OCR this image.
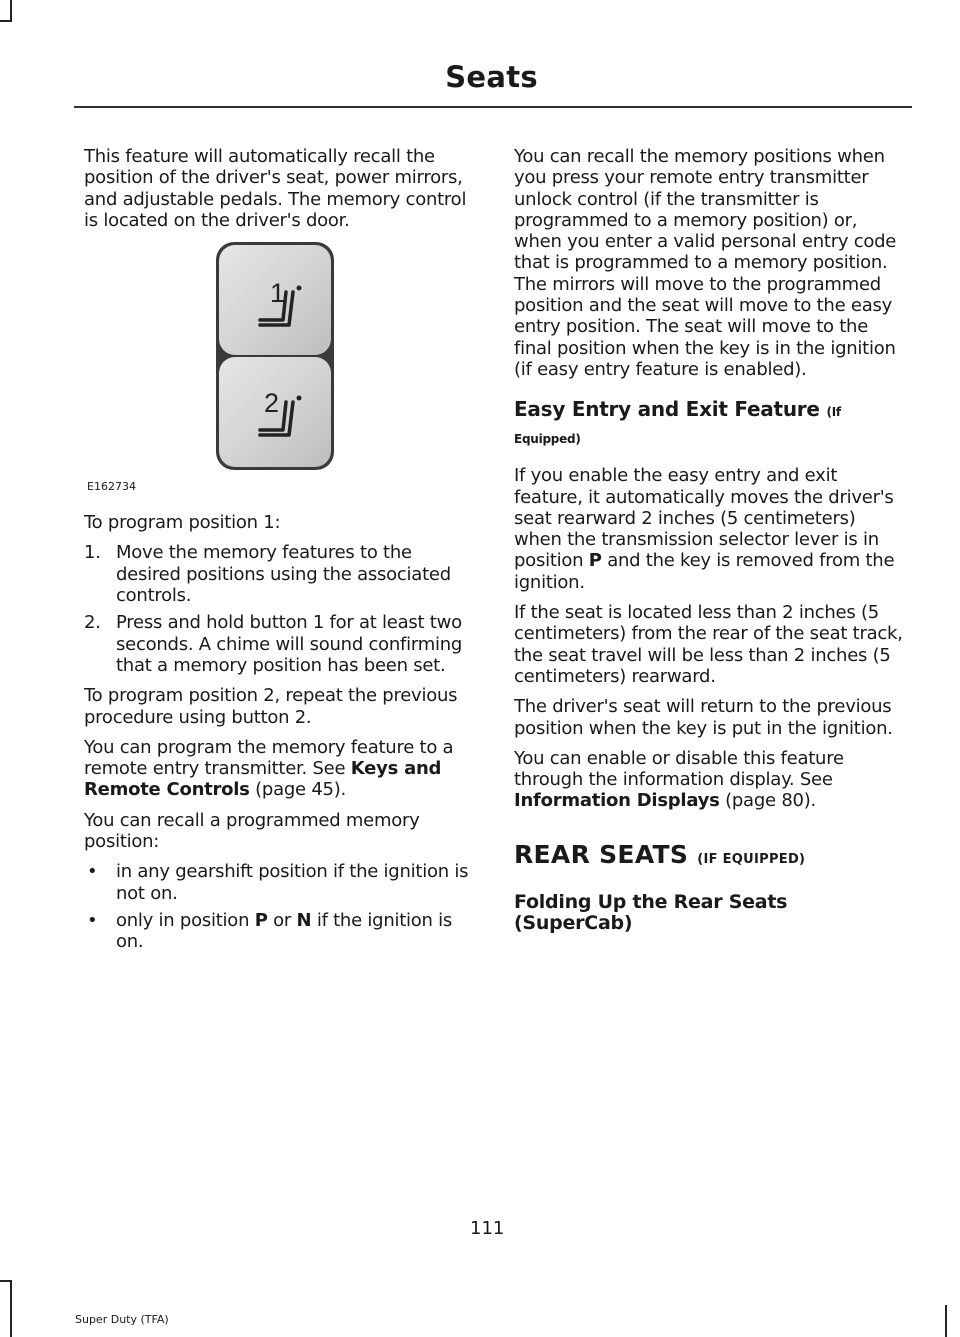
Seats

This feature will automatically recall the position of the driver's seat, power mirrors, and adjustable pedals. The memory control is located on the driver's door.

1
2
E162734

To program position 1:

1. Move the memory features to the desired positions using the associated controls.
2. Press and hold button 1 for at least two seconds. A chime will sound confirming that a memory position has been set.

To program position 2, repeat the previous procedure using button 2.

You can program the memory feature to a remote entry transmitter. See Keys and Remote Controls (page 45).

You can recall a programmed memory position:

• in any gearshift position if the ignition is not on.
• only in position P or N if the ignition is on.

You can recall the memory positions when you press your remote entry transmitter unlock control (if the transmitter is programmed to a memory position) or, when you enter a valid personal entry code that is programmed to a memory position. The mirrors will move to the programmed position and the seat will move to the easy entry position. The seat will move to the final position when the key is in the ignition (if easy entry feature is enabled).

Easy Entry and Exit Feature (If Equipped)

If you enable the easy entry and exit feature, it automatically moves the driver's seat rearward 2 inches (5 centimeters) when the transmission selector lever is in position P and the key is removed from the ignition.

If the seat is located less than 2 inches (5 centimeters) from the rear of the seat track, the seat travel will be less than 2 inches (5 centimeters) rearward.

The driver's seat will return to the previous position when the key is put in the ignition.

You can enable or disable this feature through the information display. See Information Displays (page 80).

REAR SEATS (IF EQUIPPED)
Folding Up the Rear Seats (SuperCab)
111
Super Duty (TFA)
